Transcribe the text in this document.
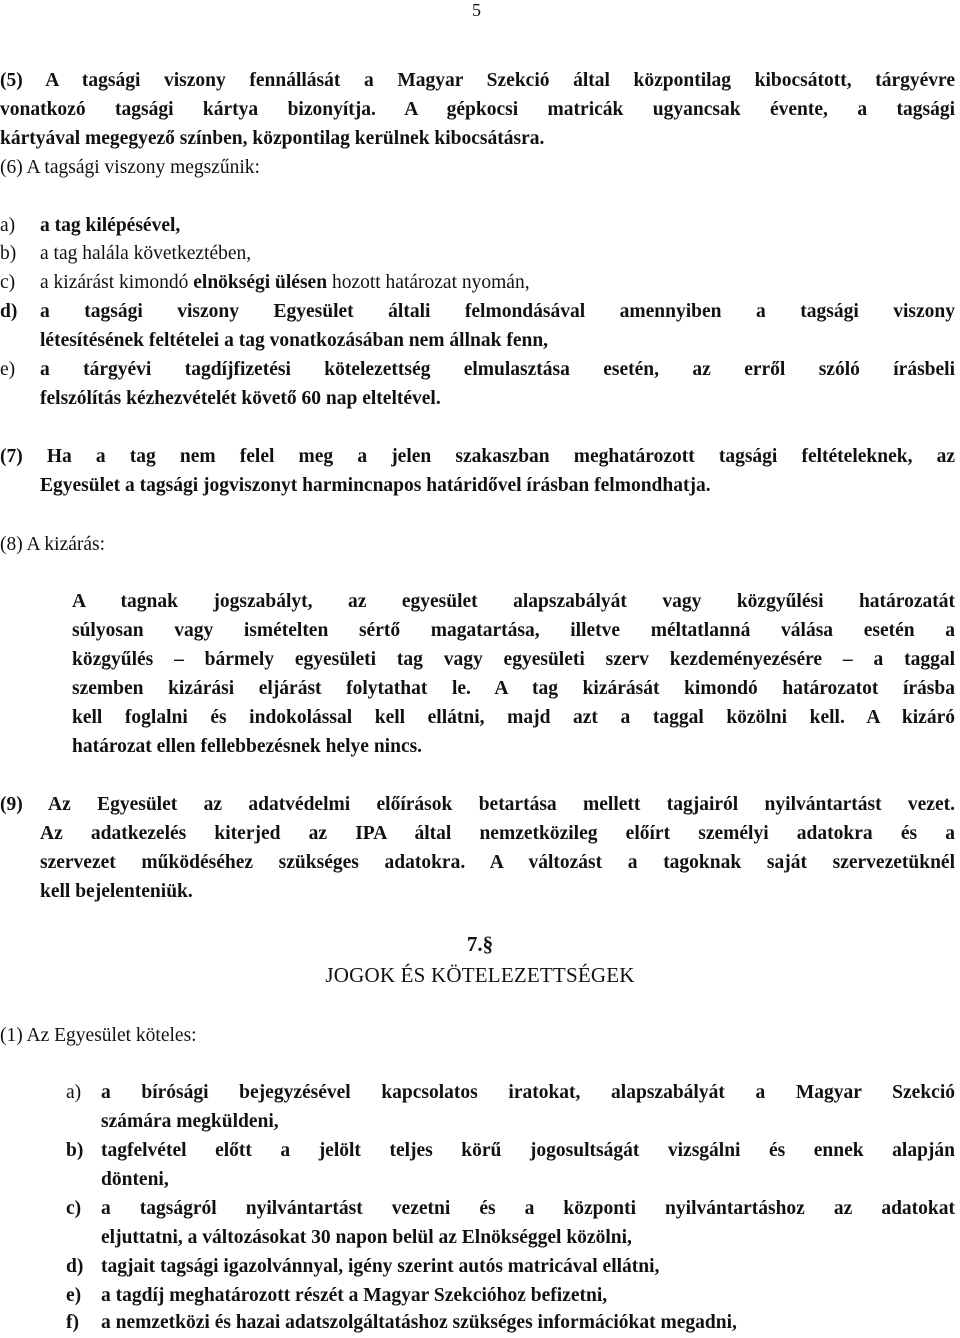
5
(5) A tagsági viszony fennállását a Magyar Szekció által központilag kibocsátott, tárgyévre
vonatkozó tagsági kártya bizonyítja. A gépkocsi matricák ugyancsak évente, a tagsági
kártyával megegyező színben, központilag kerülnek kibocsátásra.
(6) A tagsági viszony megszűnik:
a) a tag kilépésével,
b) a tag halála következtében,
c) a kizárást kimondó elnökségi ülésen hozott határozat nyomán,
d) a tagsági viszony Egyesület általi felmondásával amennyiben a tagsági viszony
létesítésének feltételei a tag vonatkozásában nem állnak fenn,
e) a tárgyévi tagdíjfizetési kötelezettség elmulasztása esetén, az erről szóló írásbeli
felszólítás kézhezvételét követő 60 nap elteltével.
(7) Ha a tag nem felel meg a jelen szakaszban meghatározott tagsági feltételeknek, az
Egyesület a tagsági jogviszonyt harmincnapos határidővel írásban felmondhatja.
(8) A kizárás:
A tagnak jogszabályt, az egyesület alapszabályát vagy közgyűlési határozatát
súlyosan vagy ismételten sértő magatartása, illetve méltatlanná válása esetén a
közgyűlés – bármely egyesületi tag vagy egyesületi szerv kezdeményezésére – a taggal
szemben kizárási eljárást folytathat le. A tag kizárását kimondó határozatot írásba
kell foglalni és indokolással kell ellátni, majd azt a taggal közölni kell. A kizáró
határozat ellen fellebbezésnek helye nincs.
(9) Az Egyesület az adatvédelmi előírások betartása mellett tagjairól nyilvántartást vezet.
Az adatkezelés kiterjed az IPA által nemzetközileg előírt személyi adatokra és a
szervezet működéséhez szükséges adatokra. A változást a tagoknak saját szervezetüknél
kell bejelenteniük.
7.§
JOGOK ÉS KÖTELEZETTSÉGEK
(1) Az Egyesület köteles:
a) a bírósági bejegyzésével kapcsolatos iratokat, alapszabályát a Magyar Szekció
számára megküldeni,
b) tagfelvétel előtt a jelölt teljes körű jogosultságát vizsgálni és ennek alapján
dönteni,
c) a tagságról nyilvántartást vezetni és a központi nyilvántartáshoz az adatokat
eljuttatni, a változásokat 30 napon belül az Elnökséggel közölni,
d) tagjait tagsági igazolvánnyal, igény szerint autós matricával ellátni,
e) a tagdíj meghatározott részét a Magyar Szekcióhoz befizetni,
f) a nemzetközi és hazai adatszolgáltatáshoz szükséges információkat megadni,
